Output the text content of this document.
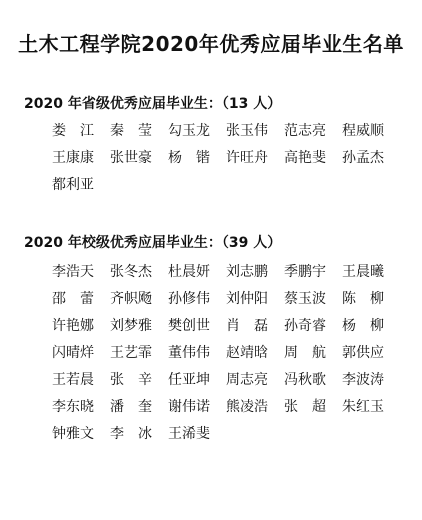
土木工程学院2020年优秀应届毕业生名单
2020 年省级优秀应届毕业生：（13 人）
娄　江	秦　莹	勾玉龙	张玉伟	范志亮	程威顺
王康康	张世豪	杨　锴	许旺舟	高艳斐	孙孟杰
都利亚
2020 年校级优秀应届毕业生：（39 人）
李浩天	张冬杰	杜晨妍	刘志鹏	季鹏宇	王晨曦
邵　蕾	齐帜飏	孙修伟	刘仲阳	蔡玉波	陈　柳
许艳娜	刘梦雅	樊创世	肖　磊	孙奇睿	杨　柳
闪晴烊	王艺霏	董伟伟	赵靖晗	周　航	郭供应
王若晨	张　辛	任亚坤	周志亮	冯秋歌	李波涛
李东晓	潘　奎	谢伟诺	熊凌浩	张　超	朱红玉
钟雅文	李　冰	王浠斐
